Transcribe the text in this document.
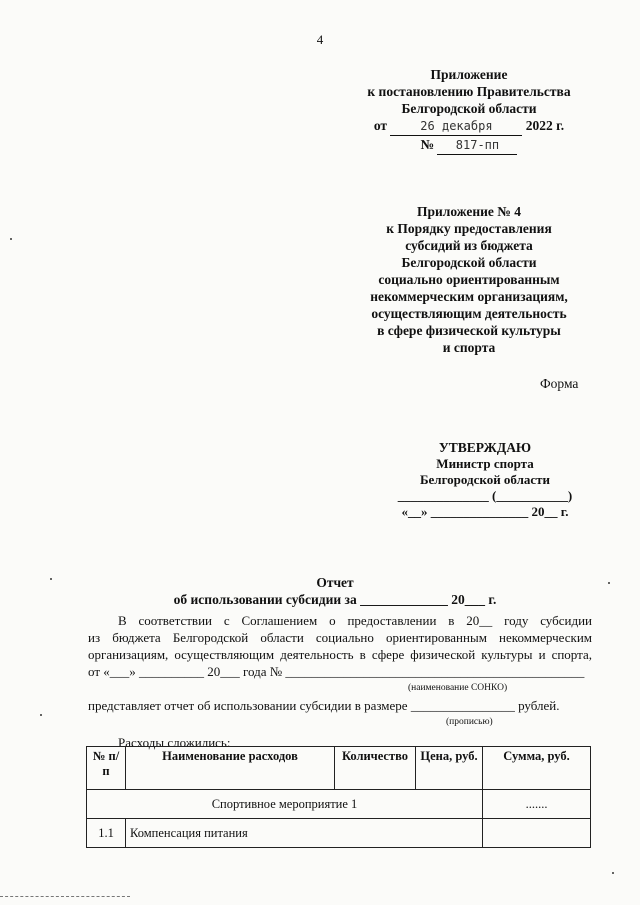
4
Приложение
к постановлению Правительства
Белгородской области
от	26 декабря 2022 г.
№ 817-пп
Приложение № 4
к Порядку предоставления
субсидий из бюджета
Белгородской области
социально ориентированным
некоммерческим организациям,
осуществляющим деятельность
в сфере физической культуры
и спорта
Форма
УТВЕРЖДАЮ
Министр спорта
Белгородской области
______________ (___________)
«__» _______________ 20__ г.
Отчет
об использовании субсидии за _____________ 20___ г.
В соответствии с Соглашением о предоставлении в 20__ году субсидии
из бюджета Белгородской области социально ориентированным некоммерческим
организациям, осуществляющим деятельность в сфере физической культуры и спорта,
от «___» __________ 20___ года № ______________________________________________
(наименование СОНКО)
представляет отчет об использовании субсидии в размере ________________ рублей.
(прописью)
Расходы сложились:
№ п/п	Наименование расходов	Количество	Цена, руб.	Сумма, руб.
Спортивное мероприятие 1				.......
1.1	Компенсация питания			
